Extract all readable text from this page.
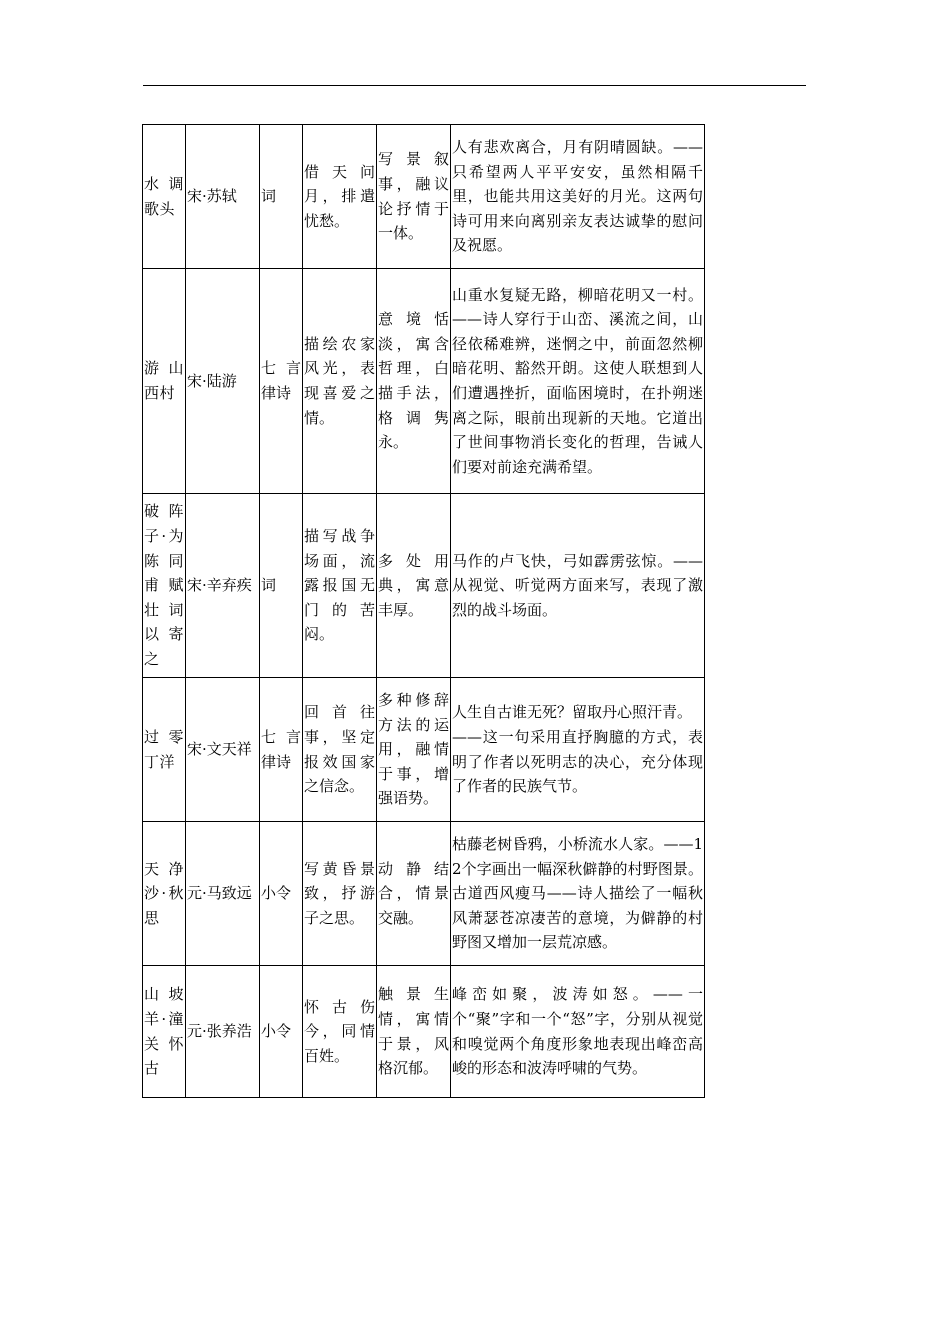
水调歌头	宋·苏轼	词	借天问月，排遣忧愁。	写景叙事，融议论抒情于一体。	人有悲欢离合，月有阴晴圆缺。——只希望两人平平安安，虽然相隔千里，也能共用这美好的月光。这两句诗可用来向离别亲友表达诚挚的慰问及祝愿。

游山西村	宋·陆游	七言律诗	描绘农家风光，表现喜爱之情。	意境恬淡，寓含哲理，白描手法，格调隽永。	山重水复疑无路，柳暗花明又一村。——诗人穿行于山峦、溪流之间，山径依稀难辨，迷惘之中，前面忽然柳暗花明、豁然开朗。这使人联想到人们遭遇挫折，面临困境时，在扑朔迷离之际，眼前出现新的天地。它道出了世间事物消长变化的哲理，告诫人们要对前途充满希望。

破阵子·为陈同甫赋壮词以寄之	宋·辛弃疾	词	描写战争场面，流露报国无门的苦闷。	多处用典，寓意丰厚。	马作的卢飞快，弓如霹雳弦惊。——从视觉、听觉两方面来写，表现了激烈的战斗场面。

过零丁洋	宋·文天祥	七言律诗	回首往事，坚定报效国家之信念。	多种修辞方法的运用，融情于事，增强语势。	人生自古谁无死？留取丹心照汗青。
——这一句采用直抒胸臆的方式，表明了作者以死明志的决心，充分体现了作者的民族气节。

天净沙·秋思	元·马致远	小令	写黄昏景致，抒游子之思。	动静结合，情景交融。	枯藤老树昏鸦，小桥流水人家。——12个字画出一幅深秋僻静的村野图景。古道西风瘦马——诗人描绘了一幅秋风萧瑟苍凉凄苦的意境，为僻静的村野图又增加一层荒凉感。

山坡羊·潼关怀古	元·张养浩	小令	怀古伤今，同情百姓。	触景生情，寓情于景，风格沉郁。	峰峦如聚，波涛如怒。——一个“聚”字和一个“怒”字，分别从视觉和嗅觉两个角度形象地表现出峰峦高峻的形态和波涛呼啸的气势。
